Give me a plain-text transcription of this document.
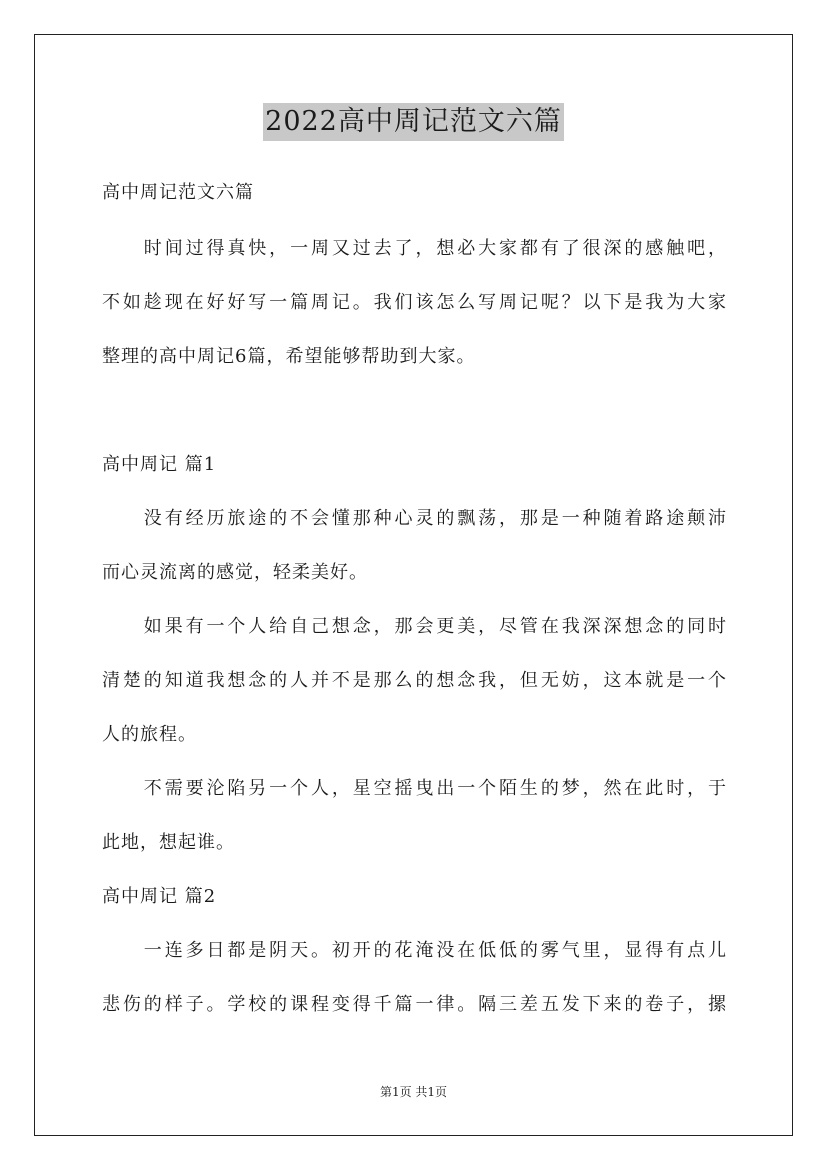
2022高中周记范文六篇
高中周记范文六篇
　　时间过得真快，一周又过去了，想必大家都有了很深的感触吧，
不如趁现在好好写一篇周记。我们该怎么写周记呢？以下是我为大家
整理的高中周记6篇，希望能够帮助到大家。
高中周记 篇1
　　没有经历旅途的不会懂那种心灵的飘荡，那是一种随着路途颠沛
而心灵流离的感觉，轻柔美好。
　　如果有一个人给自己想念，那会更美，尽管在我深深想念的同时
清楚的知道我想念的人并不是那么的想念我，但无妨，这本就是一个
人的旅程。
　　不需要沦陷另一个人，星空摇曳出一个陌生的梦，然在此时，于
此地，想起谁。
高中周记 篇2
　　一连多日都是阴天。初开的花淹没在低低的雾气里，显得有点儿
悲伤的样子。学校的课程变得千篇一律。隔三差五发下来的卷子，摞
第1页 共1页
